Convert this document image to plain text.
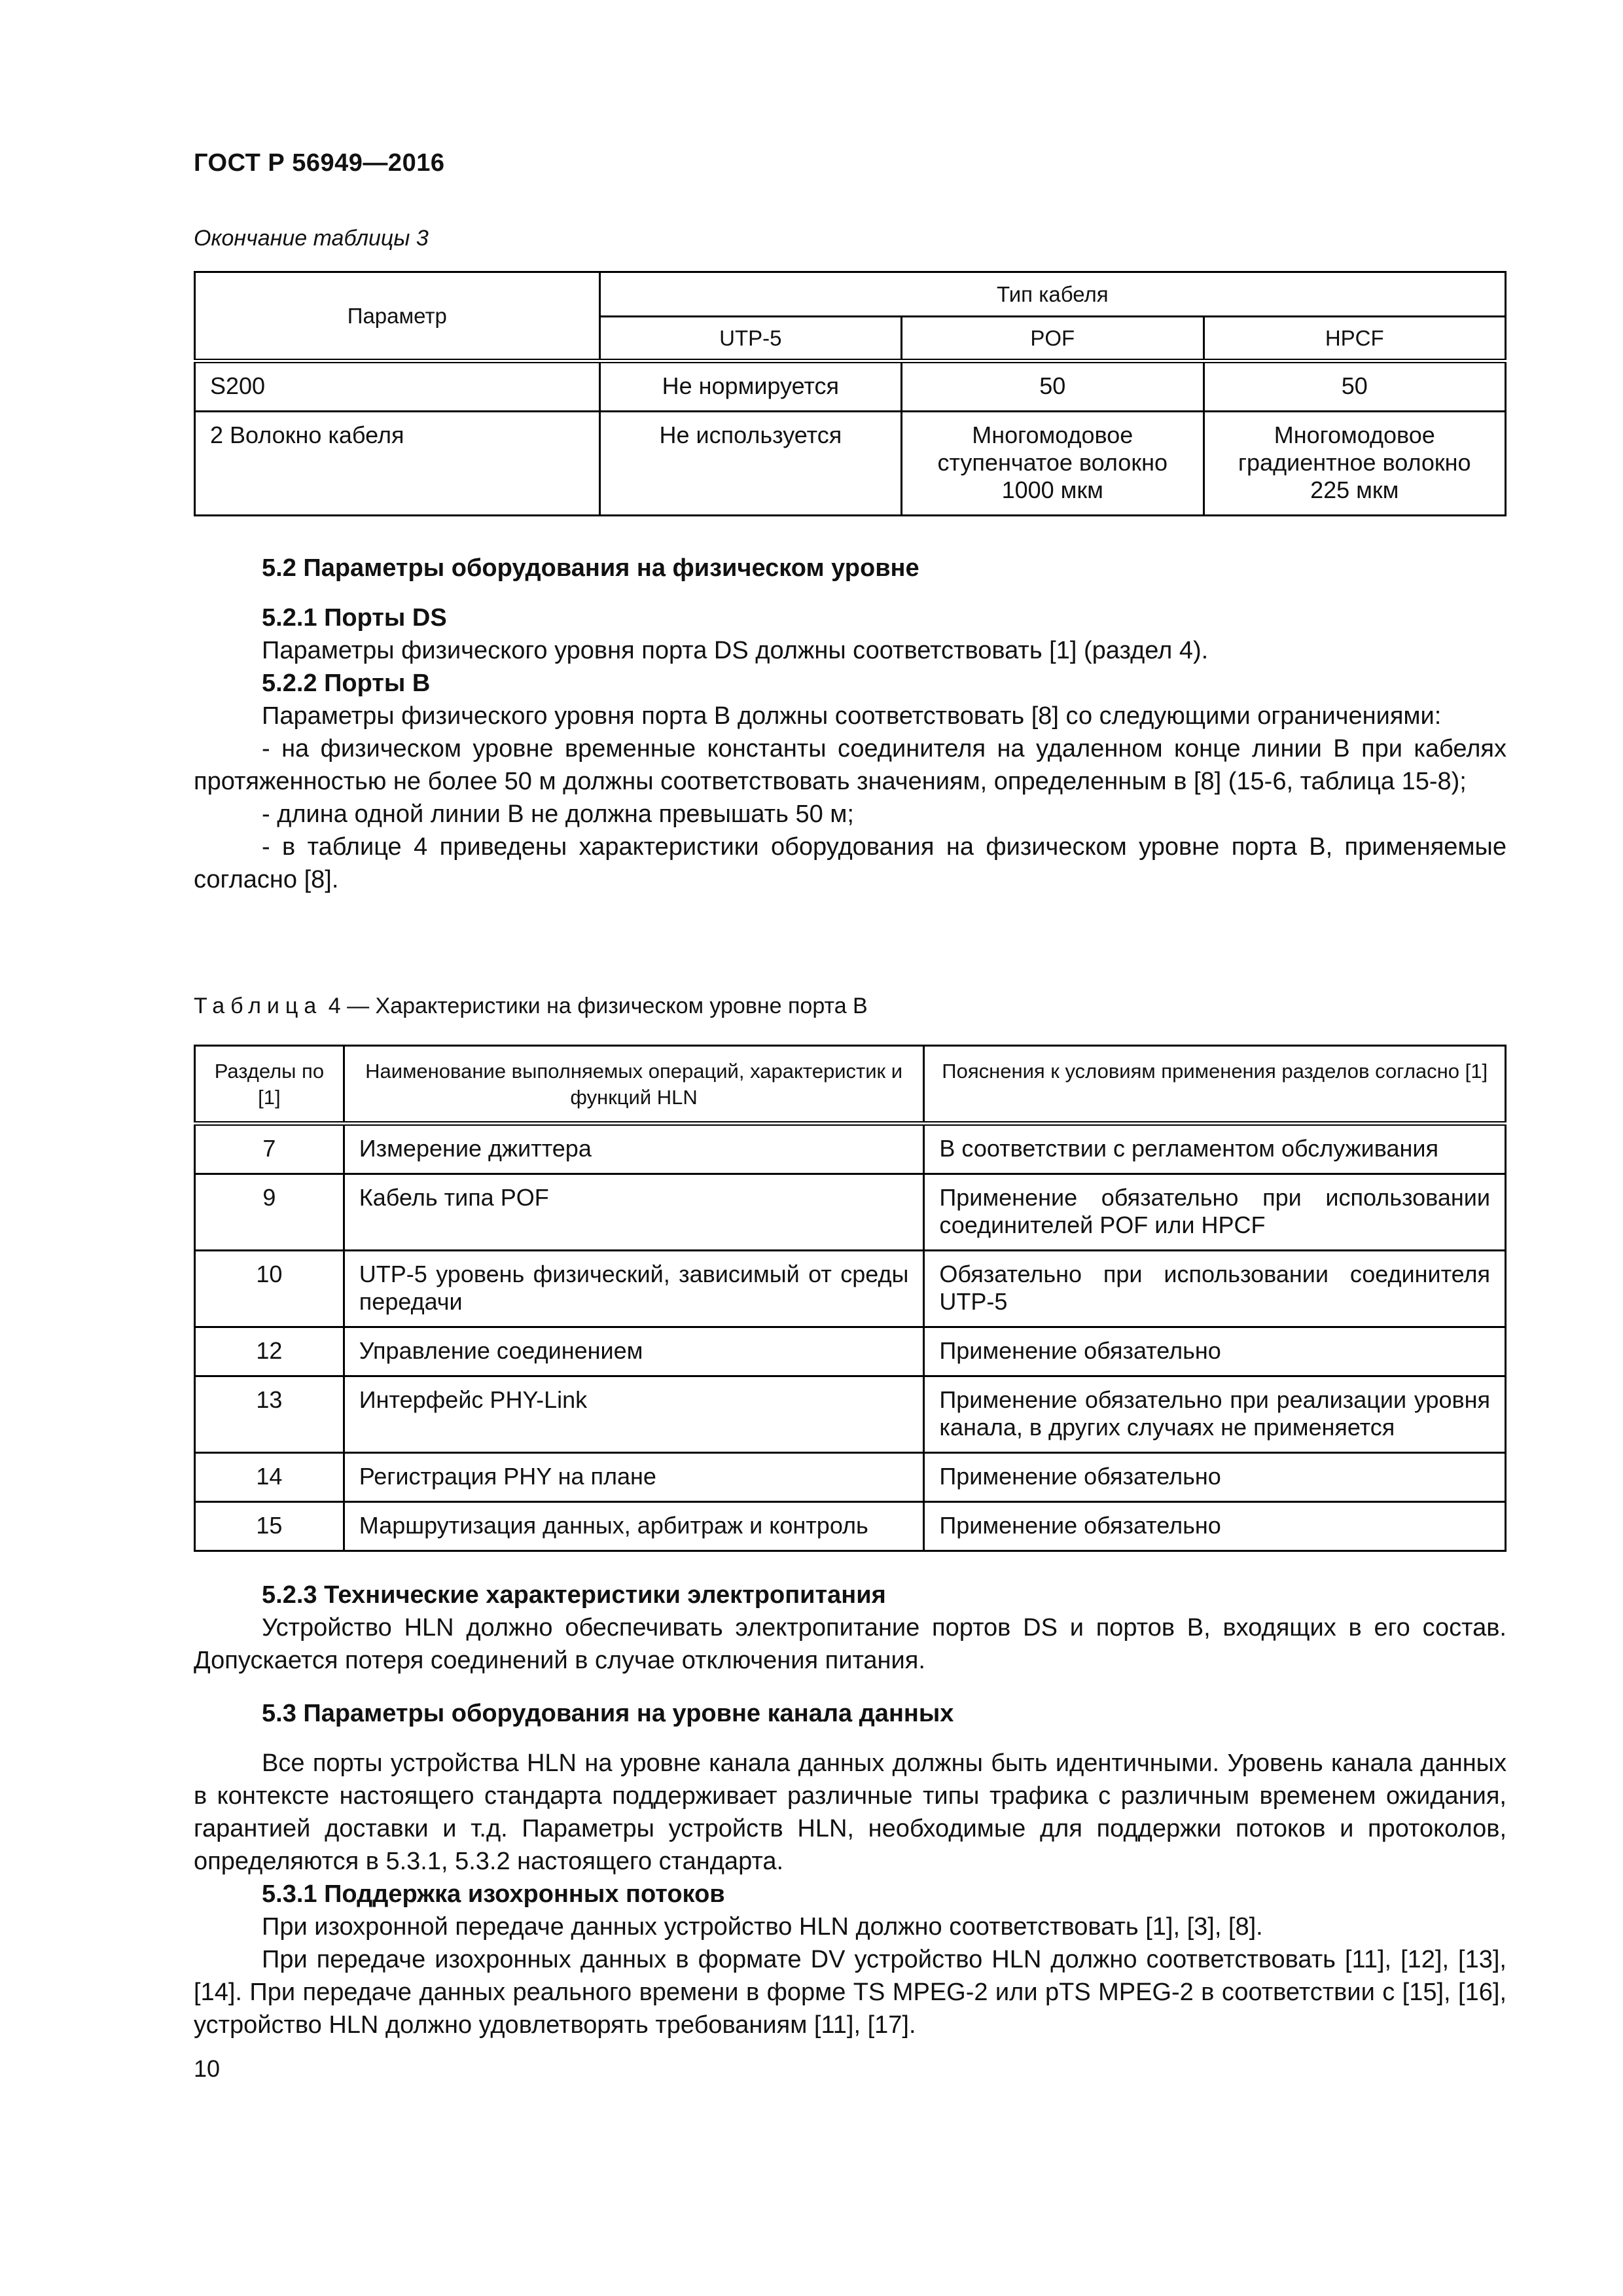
ГОСТ Р 56949—2016
Окончание таблицы 3
Параметр	Тип кабеля		
	UTP-5	POF	HPCF
S200	Не нормируется	50	50
2 Волокно кабеля	Не используется	Многомодовое ступенчатое волокно 1000 мкм	Многомодовое градиентное волокно 225 мкм

5.2 Параметры оборудования на физическом уровне

5.2.1 Порты DS

Параметры физического уровня порта DS должны соответствовать [1] (раздел 4).

5.2.2 Порты В

Параметры физического уровня порта В должны соответствовать [8] со следующими ограничениями:

- на физическом уровне временные константы соединителя на удаленном конце линии В при кабелях протяженностью не более 50 м должны соответствовать значениям, определенным в [8] (15-6, таблица 15-8);

- длина одной линии В не должна превышать 50 м;

- в таблице 4 приведены характеристики оборудования на физическом уровне порта В, применяемые согласно [8].

Таблица 4 — Характеристики на физическом уровне порта В
Разделы по [1]	Наименование выполняемых операций, характеристик и функций HLN	Пояснения к условиям применения разделов согласно [1]
7	Измерение джиттера	В соответствии с регламентом обслуживания
9	Кабель типа POF	Применение обязательно при использовании соединителей POF или HPCF
10	UTP-5 уровень физический, зависимый от среды передачи	Обязательно при использовании соединителя UTP-5
12	Управление соединением	Применение обязательно
13	Интерфейс PHY-Link	Применение обязательно при реализации уровня канала, в других случаях не применяется
14	Регистрация PHY на плане	Применение обязательно
15	Маршрутизация данных, арбитраж и контроль	Применение обязательно

5.2.3 Технические характеристики электропитания

Устройство HLN должно обеспечивать электропитание портов DS и портов В, входящих в его состав. Допускается потеря соединений в случае отключения питания.

5.3 Параметры оборудования на уровне канала данных

Все порты устройства HLN на уровне канала данных должны быть идентичными. Уровень канала данных в контексте настоящего стандарта поддерживает различные типы трафика с различным временем ожидания, гарантией доставки и т.д. Параметры устройств HLN, необходимые для поддержки потоков и протоколов, определяются в 5.3.1, 5.3.2 настоящего стандарта.

5.3.1 Поддержка изохронных потоков

При изохронной передаче данных устройство HLN должно соответствовать [1], [3], [8].

При передаче изохронных данных в формате DV устройство HLN должно соответствовать [11], [12], [13], [14]. При передаче данных реального времени в форме TS MPEG-2 или pTS MPEG-2 в соответствии с [15], [16], устройство HLN должно удовлетворять требованиям [11], [17].

10
